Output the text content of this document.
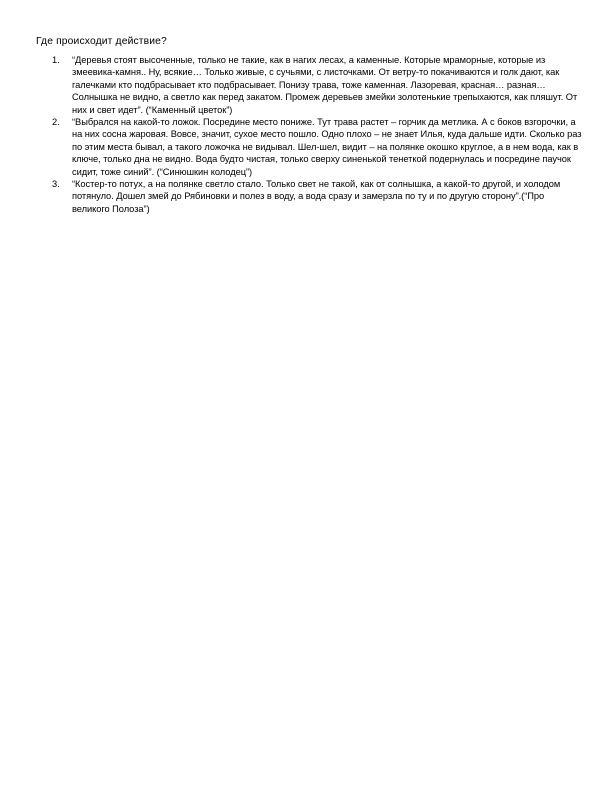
Где происходит действие?
1.	“Деревья стоят высоченные, только не такие, как в нагих лесах, а каменные. Которые мраморные, которые из змеевика-камня.. Ну, всякие… Только живые, с сучьями, с листочками. От ветру-то покачиваются и голк дают, как галечками кто подбрасывает кто подбрасывает. Понизу трава, тоже каменная. Лазоревая, красная… разная… Солнышка не видно, а светло как перед закатом. Промеж деревьев змейки золотенькие трепыхаются, как пляшут. От них и свет идет”. (“Каменный цветок”)
2.	“Выбрался на какой-то ложок. Посредине место пониже. Тут трава растет – горчик да метлика. А с боков взгорочки, а на них сосна жаровая. Вовсе, значит, сухое место пошло. Одно плохо – не знает Илья, куда дальше идти. Сколько раз по этим места бывал, а такого ложочка не видывал. Шел-шел, видит – на полянке окошко круглое, а в нем вода, как в ключе, только дна не видно. Вода будто чистая, только сверху синенькой тенеткой подернулась и посредине паучок сидит, тоже синий”. (“Синюшкин колодец”)
3.	“Костер-то потух, а на полянке светло стало. Только свет не такой, как от солнышка, а какой-то другой, и холодом потянуло. Дошел змей до Рябиновки и полез в воду, а вода сразу и замерзла по ту и по другую сторону”.(“Про великого Полоза”)
